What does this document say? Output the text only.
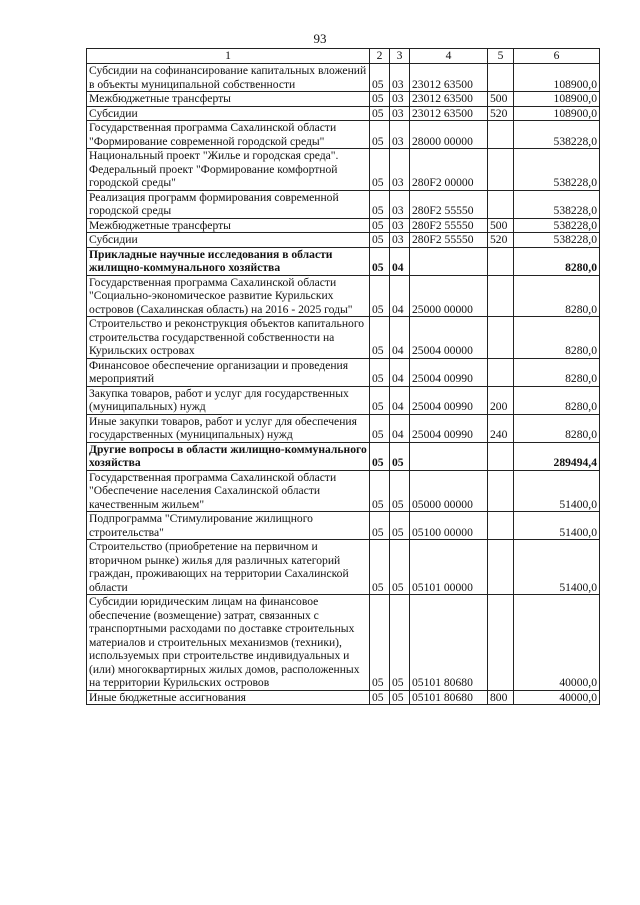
93
1	2	3	4	5	6
Субсидии на софинансирование капитальных вложений в объекты муниципальной собственности	05	03	23012 63500		108900,0
Межбюджетные трансферты	05	03	23012 63500	500	108900,0
Субсидии	05	03	23012 63500	520	108900,0
Государственная программа Сахалинской области "Формирование современной городской среды"	05	03	28000 00000		538228,0
Национальный проект "Жилье и городская среда". Федеральный проект "Формирование комфортной городской среды"	05	03	280F2 00000		538228,0
Реализация программ формирования современной городской среды	05	03	280F2 55550		538228,0
Межбюджетные трансферты	05	03	280F2 55550	500	538228,0
Субсидии	05	03	280F2 55550	520	538228,0
Прикладные научные исследования в области жилищно-коммунального хозяйства	05	04			8280,0
Государственная программа Сахалинской области "Социально-экономическое развитие Курильских островов (Сахалинская область) на 2016 - 2025 годы"	05	04	25000 00000		8280,0
Строительство и реконструкция объектов капитального строительства государственной собственности на Курильских островах	05	04	25004 00000		8280,0
Финансовое обеспечение организации и проведения мероприятий	05	04	25004 00990		8280,0
Закупка товаров, работ и услуг для государственных (муниципальных) нужд	05	04	25004 00990	200	8280,0
Иные закупки товаров, работ и услуг для обеспечения государственных (муниципальных) нужд	05	04	25004 00990	240	8280,0
Другие вопросы в области жилищно-коммунального хозяйства	05	05			289494,4
Государственная программа Сахалинской области "Обеспечение населения Сахалинской области качественным жильем"	05	05	05000 00000		51400,0
Подпрограмма "Стимулирование жилищного строительства"	05	05	05100 00000		51400,0
Строительство (приобретение на первичном и вторичном рынке) жилья для различных категорий граждан, проживающих на территории Сахалинской области	05	05	05101 00000		51400,0
Субсидии юридическим лицам на финансовое обеспечение (возмещение) затрат, связанных с транспортными расходами по доставке строительных материалов и строительных механизмов (техники), используемых при строительстве индивидуальных и (или) многоквартирных жилых домов, расположенных на территории Курильских островов	05	05	05101 80680		40000,0
Иные бюджетные ассигнования	05	05	05101 80680	800	40000,0
